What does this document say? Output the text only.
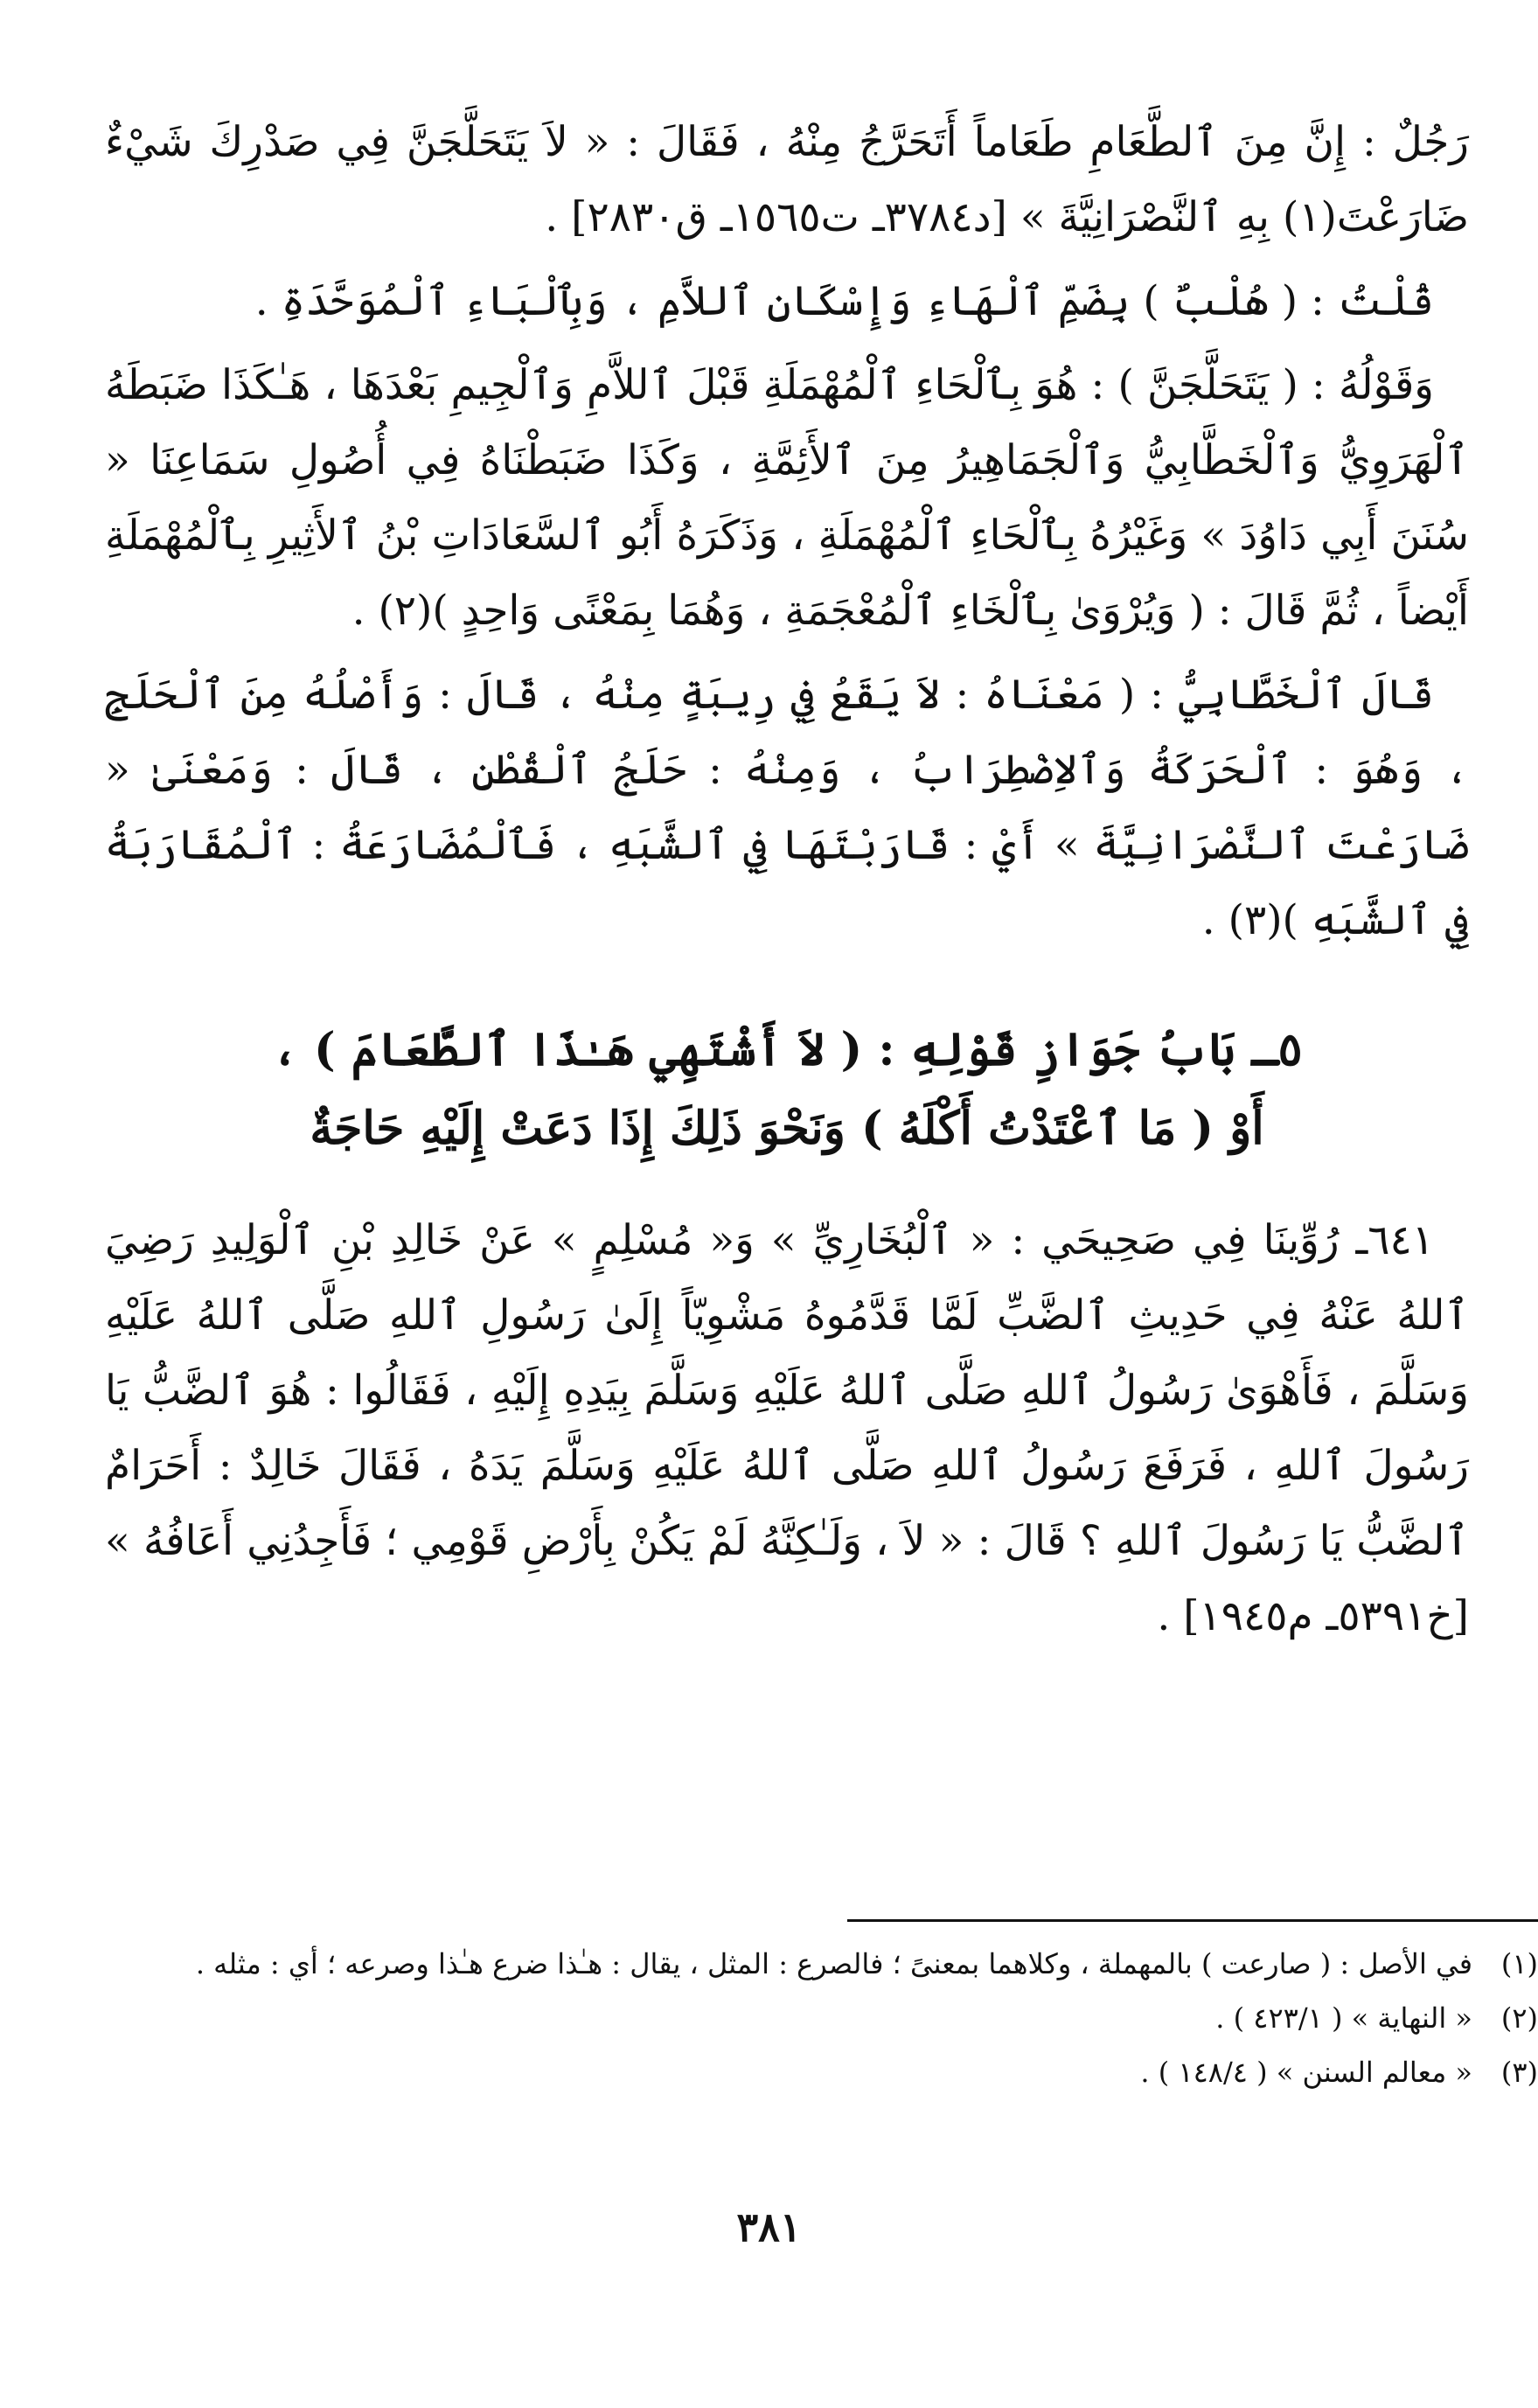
رَجُلٌ : إِنَّ مِنَ ٱلطَّعَامِ طَعَاماً أَتَحَرَّجُ مِنْهُ ، فَقَالَ : « لاَ يَتَحَلَّجَنَّ فِي صَدْرِكَ شَيْءٌ ضَارَعْتَ(١) بِهِ ٱلنَّصْرَانِيَّةَ » [د٣٧٨٤ـ ت١٥٦٥ـ ق٢٨٣٠] .

قُلْتُ : ( هُلْبٌ ) بِضَمِّ ٱلْهَاءِ وَإِسْكَانِ ٱللاَّمِ ، وَبِٱلْبَاءِ ٱلْمُوَحَّدَةِ .

وَقَوْلُهُ : ( يَتَحَلَّجَنَّ ) : هُوَ بِٱلْحَاءِ ٱلْمُهْمَلَةِ قَبْلَ ٱللاَّمِ وَٱلْجِيمِ بَعْدَهَا ، هَـٰكَذَا ضَبَطَهُ ٱلْهَرَوِيُّ وَٱلْخَطَّابِيُّ وَٱلْجَمَاهِيرُ مِنَ ٱلأَئِمَّةِ ، وَكَذَا ضَبَطْنَاهُ فِي أُصُولِ سَمَاعِنَا « سُنَنَ أَبِي دَاوُدَ » وَغَيْرُهُ بِٱلْحَاءِ ٱلْمُهْمَلَةِ ، وَذَكَرَهُ أَبُو ٱلسَّعَادَاتِ بْنُ ٱلأَثِيرِ بِٱلْمُهْمَلَةِ أَيْضاً ، ثُمَّ قَالَ : ( وَيُرْوَىٰ بِٱلْخَاءِ ٱلْمُعْجَمَةِ ، وَهُمَا بِمَعْنًى وَاحِدٍ )(٢) .

قَالَ ٱلْخَطَّابِيُّ : ( مَعْنَاهُ : لاَ يَقَعُ فِي رِيبَةٍ مِنْهُ ، قَالَ : وَأَصْلُهُ مِنَ ٱلْحَلَجِ ، وَهُوَ : ٱلْحَرَكَةُ وَٱلاِضْطِرَابُ ، وَمِنْهُ : حَلَجُ ٱلْقُطْنِ ، قَالَ : وَمَعْنَىٰ « ضَارَعْتَ ٱلنَّصْرَانِيَّةَ » أَيْ : قَارَبْتَهَا فِي ٱلشَّبَهِ ، فَٱلْمُضَارَعَةُ : ٱلْمُقَارَبَةُ فِي ٱلشَّبَهِ )(٣) .

٥ـ بَابُ جَوَازِ قَوْلِهِ : ( لاَ أَشْتَهِي هَـٰذَا ٱلطَّعَامَ ) ،
أَوْ ( مَا ٱعْتَدْتُ أَكْلَهُ ) وَنَحْوَ ذَلِكَ إِذَا دَعَتْ إِلَيْهِ حَاجَةٌ

٦٤١ـ رُوِّينَا فِي صَحِيحَي : « ٱلْبُخَارِيِّ » وَ« مُسْلِمٍ » عَنْ خَالِدِ بْنِ ٱلْوَلِيدِ رَضِيَ ٱللهُ عَنْهُ فِي حَدِيثِ ٱلضَّبِّ لَمَّا قَدَّمُوهُ مَشْوِيّاً إِلَىٰ رَسُولِ ٱللهِ صَلَّى ٱللهُ عَلَيْهِ وَسَلَّمَ ، فَأَهْوَىٰ رَسُولُ ٱللهِ صَلَّى ٱللهُ عَلَيْهِ وَسَلَّمَ بِيَدِهِ إِلَيْهِ ، فَقَالُوا : هُوَ ٱلضَّبُّ يَا رَسُولَ ٱللهِ ، فَرَفَعَ رَسُولُ ٱللهِ صَلَّى ٱللهُ عَلَيْهِ وَسَلَّمَ يَدَهُ ، فَقَالَ خَالِدٌ : أَحَرَامٌ ٱلضَّبُّ يَا رَسُولَ ٱللهِ ؟ قَالَ : « لاَ ، وَلَـٰكِنَّهُ لَمْ يَكُنْ بِأَرْضِ قَوْمِي ؛ فَأَجِدُنِي أَعَافُهُ » [خ٥٣٩١ـ م١٩٤٥] .

(١)
في الأصل : ( صارعت ) بالمهملة ، وكلاهما بمعنىً ؛ فالصرع : المثل ، يقال : هـٰذا ضرع هـٰذا وصرعه ؛ أي : مثله .
(٢)
« النهاية » ( ٤٢٣/١ ) .
(٣)
« معالم السنن » ( ١٤٨/٤ ) .
٣٨١
